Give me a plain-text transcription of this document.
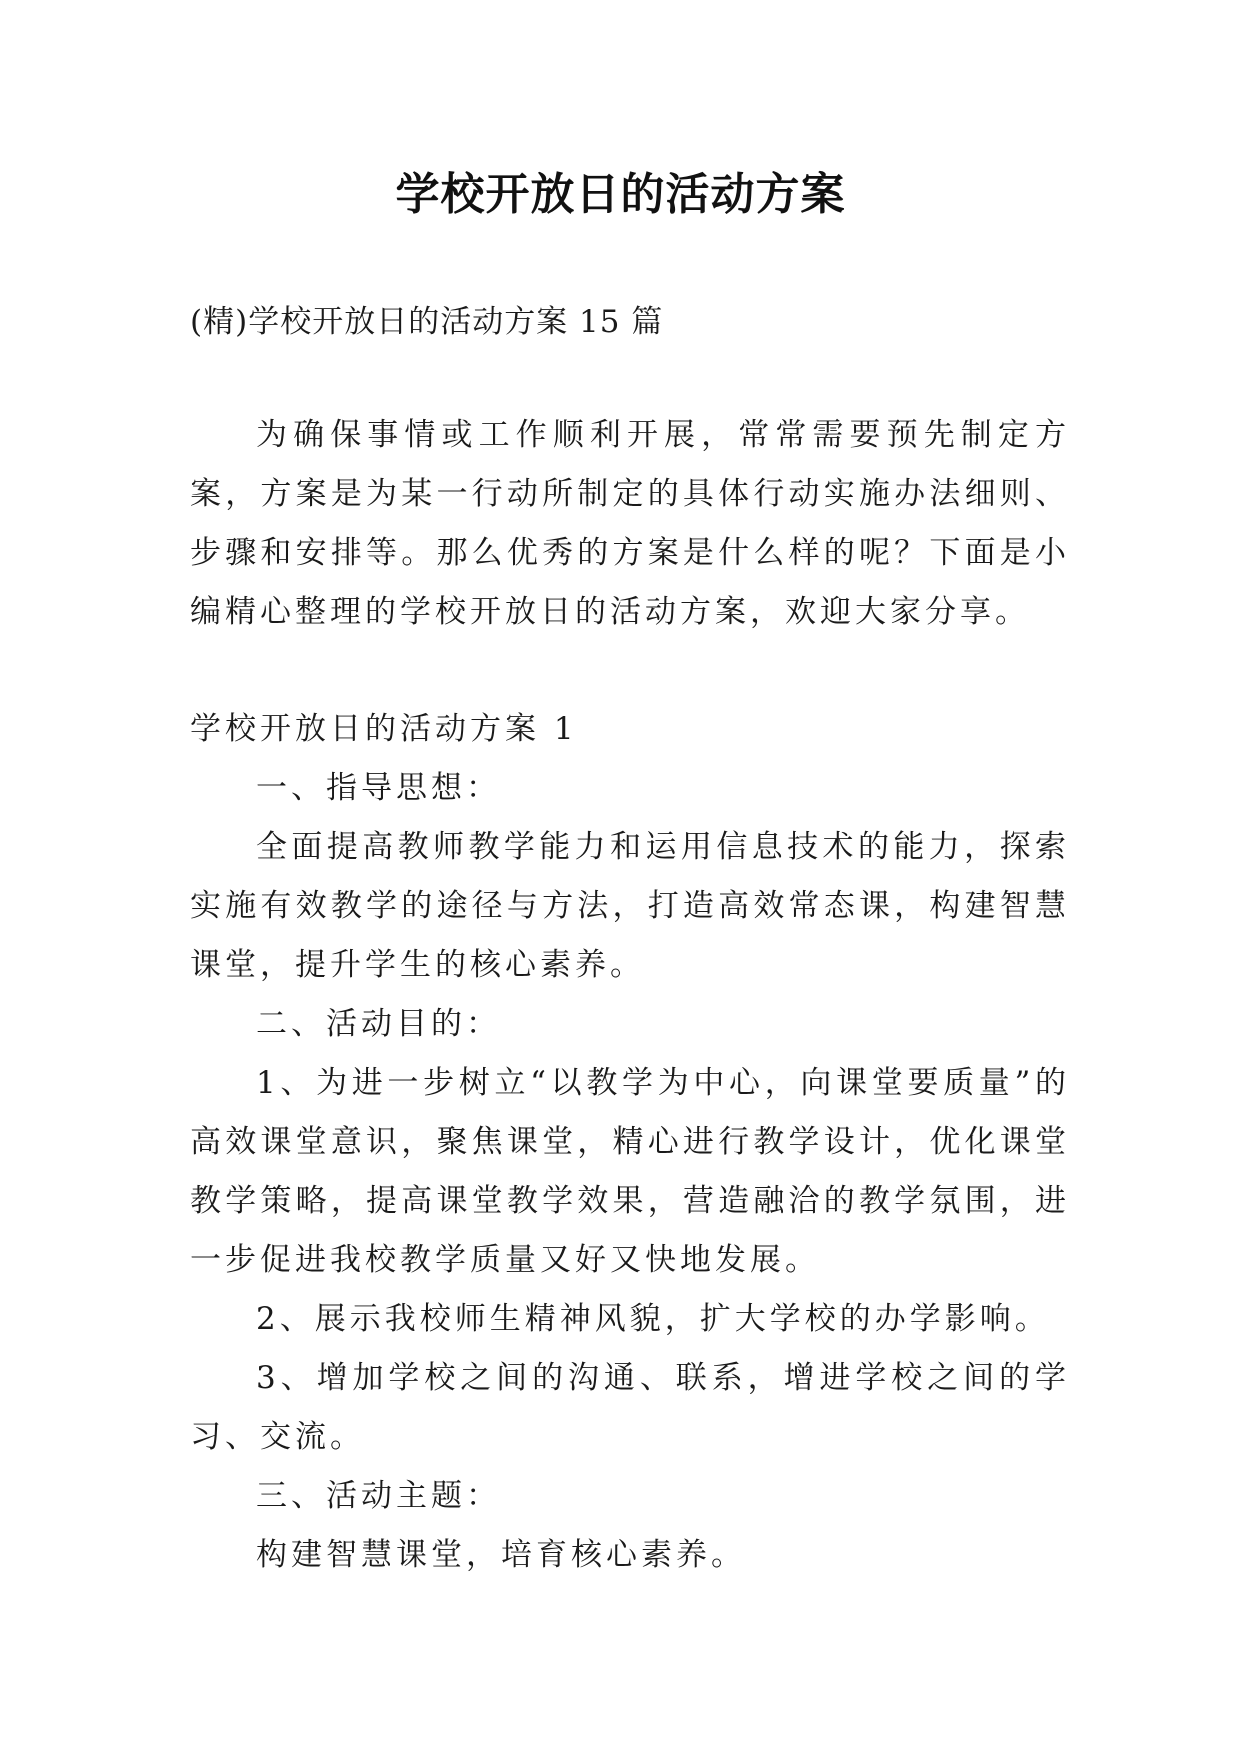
学校开放日的活动方案
(精)学校开放日的活动方案 15 篇
为确保事情或工作顺利开展，常常需要预先制定方案，方案是为某一行动所制定的具体行动实施办法细则、步骤和安排等。那么优秀的方案是什么样的呢？下面是小编精心整理的学校开放日的活动方案，欢迎大家分享。

学校开放日的活动方案 1

一、指导思想：

全面提高教师教学能力和运用信息技术的能力，探索实施有效教学的途径与方法，打造高效常态课，构建智慧课堂，提升学生的核心素养。

二、活动目的：

1、为进一步树立“以教学为中心，向课堂要质量”的高效课堂意识，聚焦课堂，精心进行教学设计，优化课堂教学策略，提高课堂教学效果，营造融洽的教学氛围，进一步促进我校教学质量又好又快地发展。

2、展示我校师生精神风貌，扩大学校的办学影响。

3、增加学校之间的沟通、联系，增进学校之间的学习、交流。

三、活动主题：

构建智慧课堂，培育核心素养。
